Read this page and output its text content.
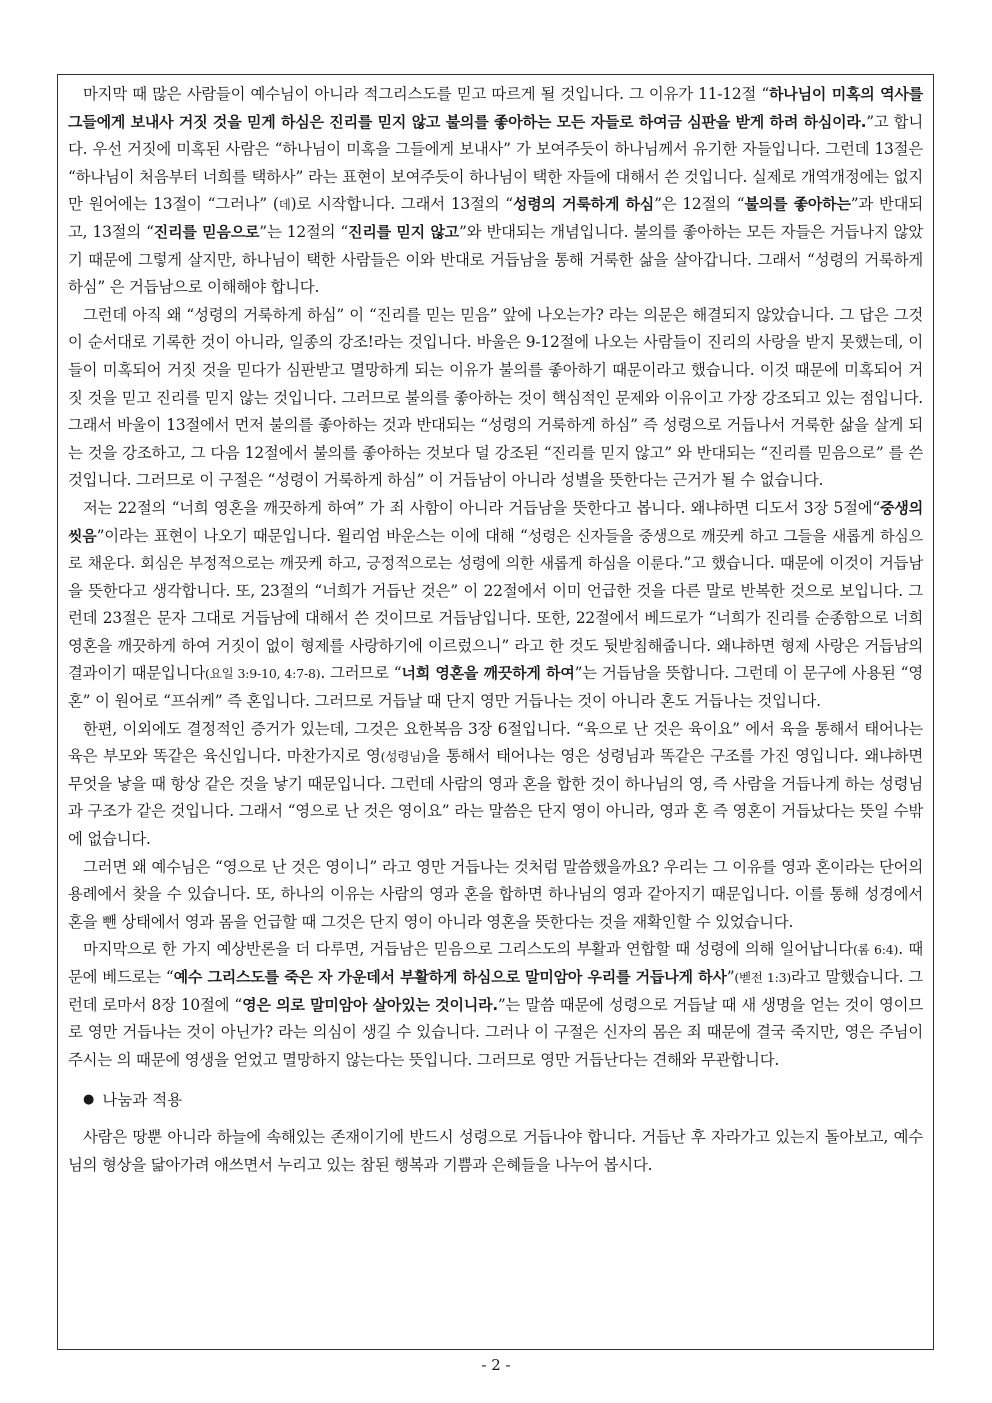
마지막 때 많은 사람들이 예수님이 아니라 적그리스도를 믿고 따르게 될 것입니다. 그 이유가 11-12절 “하나님이 미혹의 역사를 그들에게 보내사 거짓 것을 믿게 하심은 진리를 믿지 않고 불의를 좋아하는 모든 자들로 하여금 심판을 받게 하려 하심이라.”고 합니다. 우선 거짓에 미혹된 사람은 “하나님이 미혹을 그들에게 보내사” 가 보여주듯이 하나님께서 유기한 자들입니다. 그런데 13절은 “하나님이 처음부터 너희를 택하사” 라는 표현이 보여주듯이 하나님이 택한 자들에 대해서 쓴 것입니다. 실제로 개역개정에는 없지만 원어에는 13절이 “그러나” (데)로 시작합니다. 그래서 13절의 “성령의 거룩하게 하심”은 12절의 “불의를 좋아하는”과 반대되고, 13절의 “진리를 믿음으로”는 12절의 “진리를 믿지 않고”와 반대되는 개념입니다. 불의를 좋아하는 모든 자들은 거듭나지 않았기 때문에 그렇게 살지만, 하나님이 택한 사람들은 이와 반대로 거듭남을 통해 거룩한 삶을 살아갑니다. 그래서 “성령의 거룩하게 하심” 은 거듭남으로 이해해야 합니다.

그런데 아직 왜 “성령의 거룩하게 하심” 이 “진리를 믿는 믿음” 앞에 나오는가? 라는 의문은 해결되지 않았습니다. 그 답은 그것이 순서대로 기록한 것이 아니라, 일종의 강조!라는 것입니다. 바울은 9-12절에 나오는 사람들이 진리의 사랑을 받지 못했는데, 이들이 미혹되어 거짓 것을 믿다가 심판받고 멸망하게 되는 이유가 불의를 좋아하기 때문이라고 했습니다. 이것 때문에 미혹되어 거짓 것을 믿고 진리를 믿지 않는 것입니다. 그러므로 불의를 좋아하는 것이 핵심적인 문제와 이유이고 가장 강조되고 있는 점입니다. 그래서 바울이 13절에서 먼저 불의를 좋아하는 것과 반대되는 “성령의 거룩하게 하심” 즉 성령으로 거듭나서 거룩한 삶을 살게 되는 것을 강조하고, 그 다음 12절에서 불의를 좋아하는 것보다 덜 강조된 “진리를 믿지 않고” 와 반대되는 “진리를 믿음으로” 를 쓴 것입니다. 그러므로 이 구절은 “성령이 거룩하게 하심” 이 거듭남이 아니라 성별을 뜻한다는 근거가 될 수 없습니다.

저는 22절의 “너희 영혼을 깨끗하게 하여” 가 죄 사함이 아니라 거듭남을 뜻한다고 봅니다. 왜냐하면 디도서 3장 5절에“중생의 씻음”이라는 표현이 나오기 때문입니다. 윌리엄 바운스는 이에 대해 “성령은 신자들을 중생으로 깨끗케 하고 그들을 새롭게 하심으로 채운다. 회심은 부정적으로는 깨끗케 하고, 긍정적으로는 성령에 의한 새롭게 하심을 이룬다.”고 했습니다. 때문에 이것이 거듭남을 뜻한다고 생각합니다. 또, 23절의 “너희가 거듭난 것은” 이 22절에서 이미 언급한 것을 다른 말로 반복한 것으로 보입니다. 그런데 23절은 문자 그대로 거듭남에 대해서 쓴 것이므로 거듭남입니다. 또한, 22절에서 베드로가 “너희가 진리를 순종함으로 너희 영혼을 깨끗하게 하여 거짓이 없이 형제를 사랑하기에 이르렀으니” 라고 한 것도 뒷받침해줍니다. 왜냐하면 형제 사랑은 거듭남의 결과이기 때문입니다(요일 3:9-10, 4:7-8). 그러므로 “너희 영혼을 깨끗하게 하여”는 거듭남을 뜻합니다. 그런데 이 문구에 사용된 “영혼” 이 원어로 “프쉬케” 즉 혼입니다. 그러므로 거듭날 때 단지 영만 거듭나는 것이 아니라 혼도 거듭나는 것입니다.

한편, 이외에도 결정적인 증거가 있는데, 그것은 요한복음 3장 6절입니다. “육으로 난 것은 육이요” 에서 육을 통해서 태어나는 육은 부모와 똑같은 육신입니다. 마찬가지로 영(성령님)을 통해서 태어나는 영은 성령님과 똑같은 구조를 가진 영입니다. 왜냐하면 무엇을 낳을 때 항상 같은 것을 낳기 때문입니다. 그런데 사람의 영과 혼을 합한 것이 하나님의 영, 즉 사람을 거듭나게 하는 성령님과 구조가 같은 것입니다. 그래서 “영으로 난 것은 영이요” 라는 말씀은 단지 영이 아니라, 영과 혼 즉 영혼이 거듭났다는 뜻일 수밖에 없습니다.

그러면 왜 예수님은 “영으로 난 것은 영이니” 라고 영만 거듭나는 것처럼 말씀했을까요? 우리는 그 이유를 영과 혼이라는 단어의 용례에서 찾을 수 있습니다. 또, 하나의 이유는 사람의 영과 혼을 합하면 하나님의 영과 같아지기 때문입니다. 이를 통해 성경에서 혼을 뺀 상태에서 영과 몸을 언급할 때 그것은 단지 영이 아니라 영혼을 뜻한다는 것을 재확인할 수 있었습니다.

마지막으로 한 가지 예상반론을 더 다루면, 거듭남은 믿음으로 그리스도의 부활과 연합할 때 성령에 의해 일어납니다(롬 6:4). 때문에 베드로는 “예수 그리스도를 죽은 자 가운데서 부활하게 하심으로 말미암아 우리를 거듭나게 하사”(벧전 1:3)라고 말했습니다. 그런데 로마서 8장 10절에 “영은 의로 말미암아 살아있는 것이니라.”는 말씀 때문에 성령으로 거듭날 때 새 생명을 얻는 것이 영이므로 영만 거듭나는 것이 아닌가? 라는 의심이 생길 수 있습니다. 그러나 이 구절은 신자의 몸은 죄 때문에 결국 죽지만, 영은 주님이 주시는 의 때문에 영생을 얻었고 멸망하지 않는다는 뜻입니다. 그러므로 영만 거듭난다는 견해와 무관합니다.

● 나눔과 적용

사람은 땅뿐 아니라 하늘에 속해있는 존재이기에 반드시 성령으로 거듭나야 합니다. 거듭난 후 자라가고 있는지 돌아보고, 예수님의 형상을 닮아가려 애쓰면서 누리고 있는 참된 행복과 기쁨과 은혜들을 나누어 봅시다.

- 2 -
